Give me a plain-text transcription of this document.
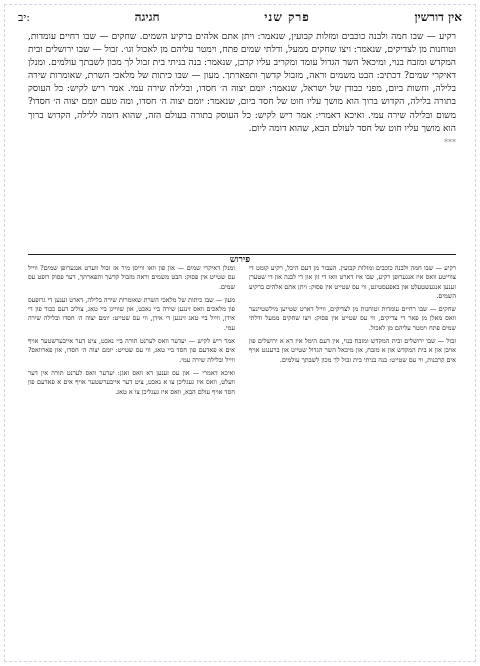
אין דורשין
פרק שני
חגיגה
יב:

רקיע — שבו חמה ולבנה כוכבים ומזלות קבועין, שנאמר: ויתן אתם אלהים ברקיע השמים. שחקים — שבו רחיים עומדות, וטוחנות מן לצדיקים, שנאמר: ויצו שחקים ממעל, ודלתי שמים פתח, וימטר עליהם מן לאכול וגו׳. זבול — שבו ירושלים ובית המקדש ומזבח בנוי, ומיכאל השר הגדול עומד ומקריב עליו קרבן, שנאמר: בנה בניתי בית זבול לך מכון לשבתך עולמים. ומנלן דאיקרי שמים? דכתיב: הבט משמים וראה, מזבול קדשך ותפארתך. מעון — שבו כיתות של מלאכי השרת, שאומרות שירה בלילה, וחשות ביום, מפני כבודן של ישראל, שנאמר: יומם יצוה ה׳ חסדו, ובלילה שירה עמי. אמר ריש לקיש: כל העוסק בתורה בלילה, הקדוש ברוך הוא מושך עליו חוט של חסד ביום, שנאמר: יומם יצוה ה׳ חסדו, ומה טעם יומם יצוה ה׳ חסדו? משום ובלילה שירה עמי. ואיכא דאמרי: אמר ריש לקיש: כל העוסק בתורה בעולם הזה, שהוא דומה ללילה, הקדוש ברוך הוא מושך עליו חוט של חסד לעולם הבא, שהוא דומה ליום.

***

פירוש

רקיע — שבו חמה ולבנה כוכבים ומזלות קבועין. העבור מן דעם היכל, רקיע קומט די צווייטע וואס איז אנגערופן רקיע, שבו איז דארט וואו די זון און די לבנה און די שטערן זענען אנגעשטעלט און באפעסטיגט, ווי עס שטייט אין פסוק: ויתן אתם אלהים ברקיע השמים.

שחקים — שבו רחיים עומדות וטוחנות מן לצדיקים, ווייל דארט שטייען מילשטיינער וואס מאלן מן פאר די צדיקים, ווי עס שטייט אין פסוק: ויצו שחקים ממעל ודלתי שמים פתח וימטר עליהם מן לאכול.

זבול — שבו ירושלים ובית המקדש ומזבח בנוי, אין דעם הימל איז דא א ירושלים פון אויבן און א בית המקדש און א מזבח, און מיכאל השר הגדול שטייט און ברענגט אויף אים קרבנות, ווי עס שטייט: בנה בניתי בית זבול לך מכון לשבתך עולמים.

ומנלן דאיקרי שמים — און פון וואו ווייסן מיר אז זבול ווערט אנגערופן שמים? ווייל עס שטייט אין פסוק: הבט משמים וראה מזבול קדשך ותפארתך, דער פסוק רופט עס שמים.

מעון — שבו כיתות של מלאכי השרת שאומרות שירה בלילה, דארט זענען די גרופעס פון מלאכים וואס זינגען שירה ביי נאכט, און שווייגן ביי טאג, צוליב דעם כבוד פון די אידן, ווייל ביי טאג זינגען די אידן, ווי עס שטייט: יומם יצוה ה׳ חסדו ובלילה שירה עמי.

אמר ריש לקיש — יעדער וואס לערנט תורה ביי נאכט, ציט דער אייבערשטער אויף אים א פאדעם פון חסד ביי טאג, ווי עס שטייט: יומם יצוה ה׳ חסדו, און פארוואס? ווייל ובלילה שירה עמי.

ואיכא דאמרי — און עס זענען דא וואס זאגן: יעדער וואס לערנט תורה אין דער וועלט, וואס איז געגליכן צו א נאכט, ציט דער אייבערשטער אויף אים א פאדעם פון חסד אויף עולם הבא, וואס איז געגליכן צו א טאג.
